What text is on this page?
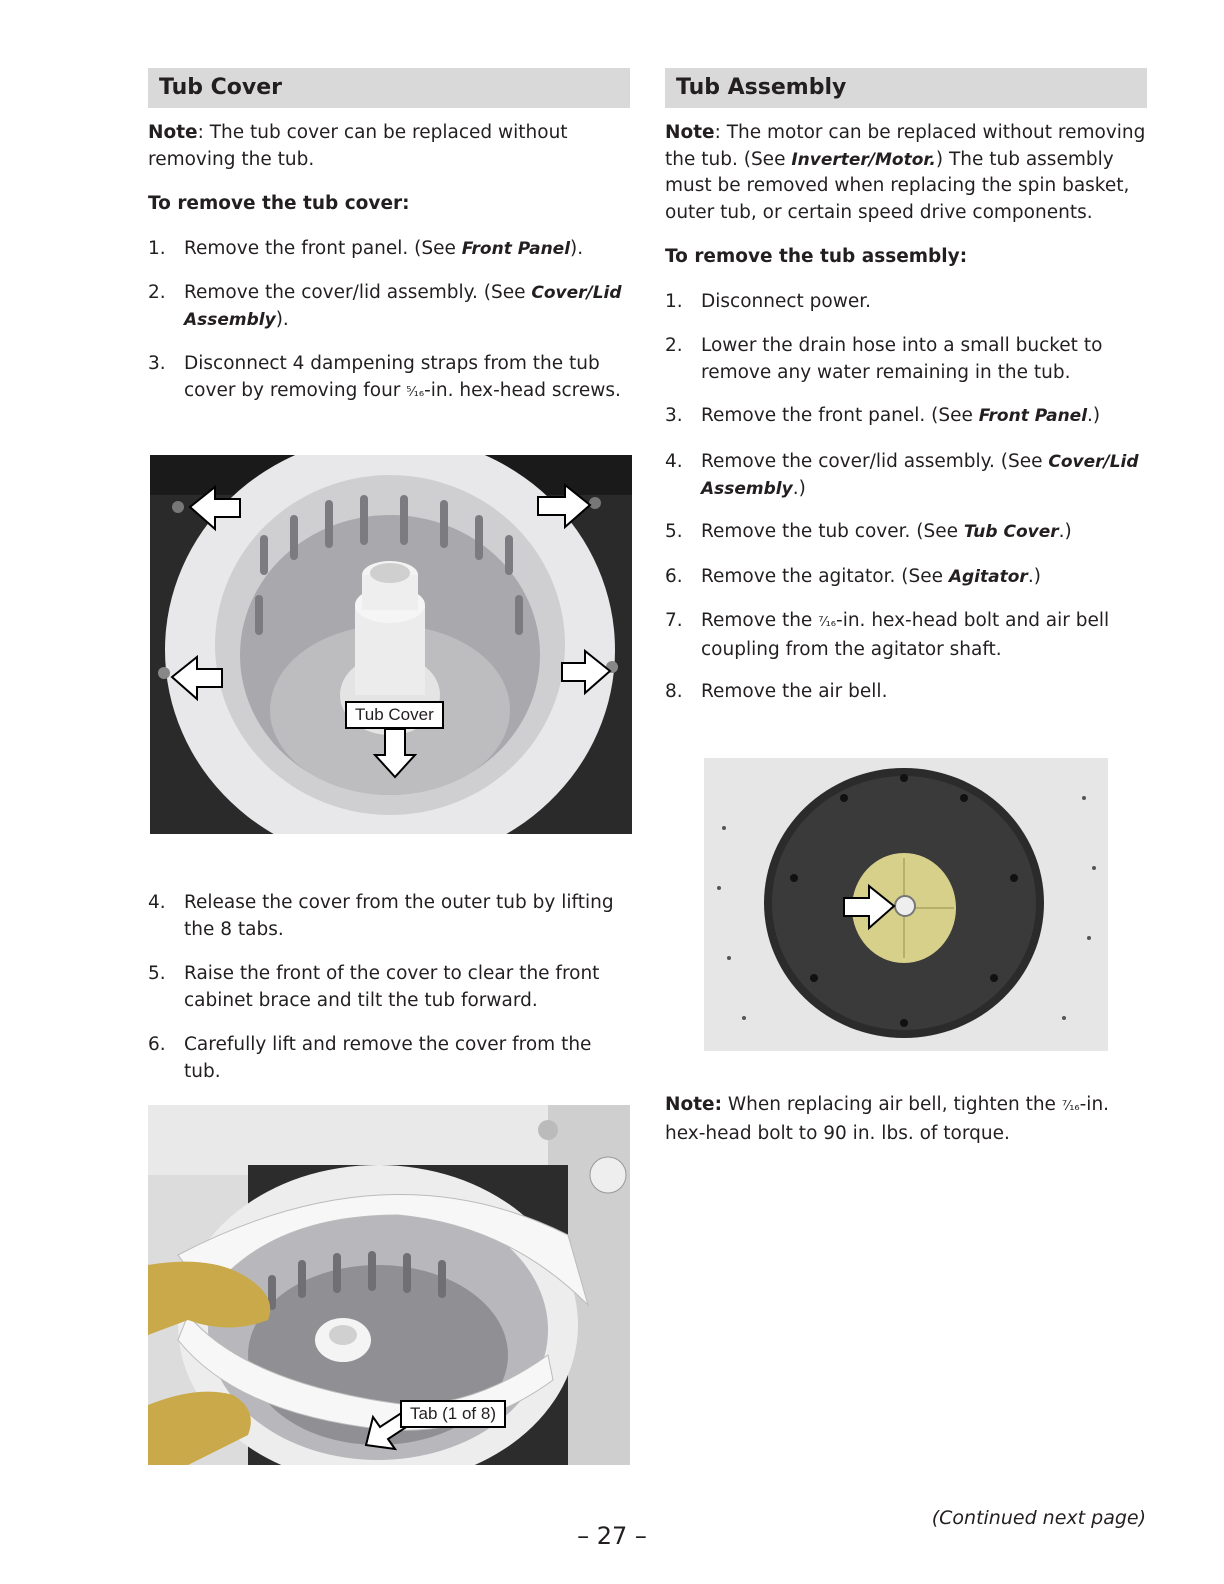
Tub Cover

Note: The tub cover can be replaced without removing the tub.

To remove the tub cover:

1. Remove the front panel. (See Front Panel).
2. Remove the cover/lid assembly. (See Cover/Lid Assembly).
3. Disconnect 4 dampening straps from the tub cover by removing four ⁵⁄₁₆-in. hex-head screws.
Tub Cover
4. Release the cover from the outer tub by lifting the 8 tabs.
5. Raise the front of the cover to clear the front cabinet brace and tilt the tub forward.
6. Carefully lift and remove the cover from the tub.
Tab (1 of 8)
Tub Assembly

Note: The motor can be replaced without removing the tub. (See Inverter/Motor.) The tub assembly must be removed when replacing the spin basket, outer tub, or certain speed drive components.

To remove the tub assembly:

1. Disconnect power.
2. Lower the drain hose into a small bucket to remove any water remaining in the tub.
3. Remove the front panel. (See Front Panel.)
4. Remove the cover/lid assembly. (See Cover/Lid Assembly.)
5. Remove the tub cover. (See Tub Cover.)
6. Remove the agitator. (See Agitator.)
7. Remove the ⁷⁄₁₆-in. hex-head bolt and air bell coupling from the agitator shaft.
8. Remove the air bell.

Note: When replacing air bell, tighten the ⁷⁄₁₆-in. hex-head bolt to 90 in. lbs. of torque.

(Continued next page)
– 27 –
